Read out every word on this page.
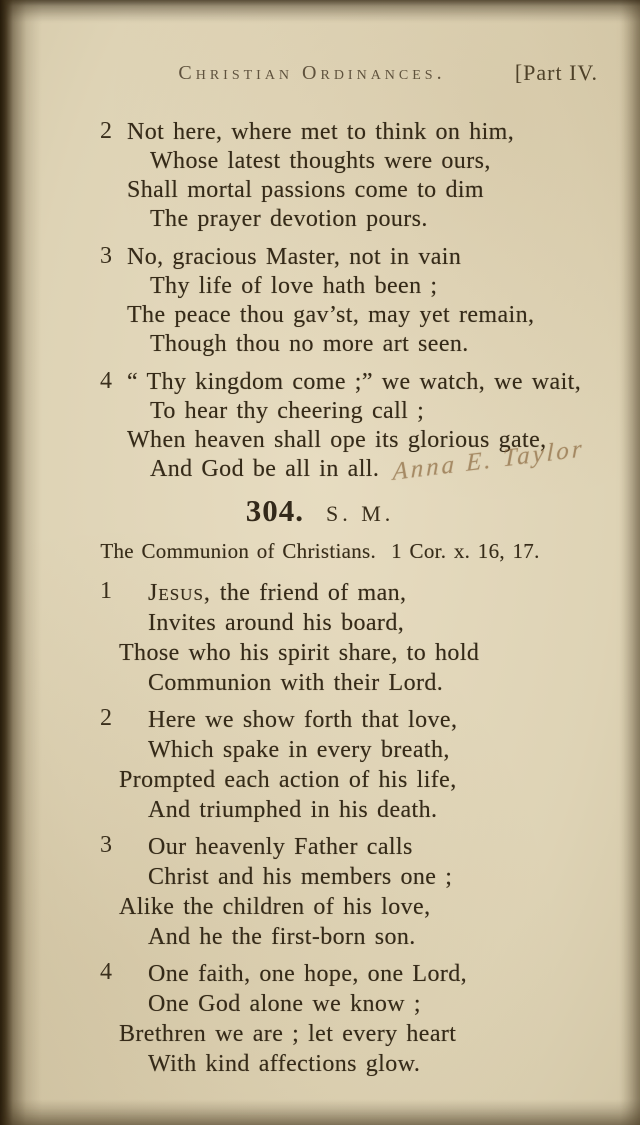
Christian Ordinances.	[Part IV.
2 Not here, where met to think on him,
Whose latest thoughts were ours,
Shall mortal passions come to dim
The prayer devotion pours.
3 No, gracious Master, not in vain
Thy life of love hath been ;
The peace thou gav’st, may yet remain,
Though thou no more art seen.
4 “ Thy kingdom come ;” we watch, we wait,
To hear thy cheering call ;
When heaven shall ope its glorious gate,
And God be all in all.
304. S. M.
The Communion of Christians.  1 Cor. x. 16, 17.
1 Jesus, the friend of man,
Invites around his board,
Those who his spirit share, to hold
Communion with their Lord.
2 Here we show forth that love,
Which spake in every breath,
Prompted each action of his life,
And triumphed in his death.
3 Our heavenly Father calls
Christ and his members one ;
Alike the children of his love,
And he the first-born son.
4 One faith, one hope, one Lord,
One God alone we know ;
Brethren we are ; let every heart
With kind affections glow.
Anna E. Taylor
